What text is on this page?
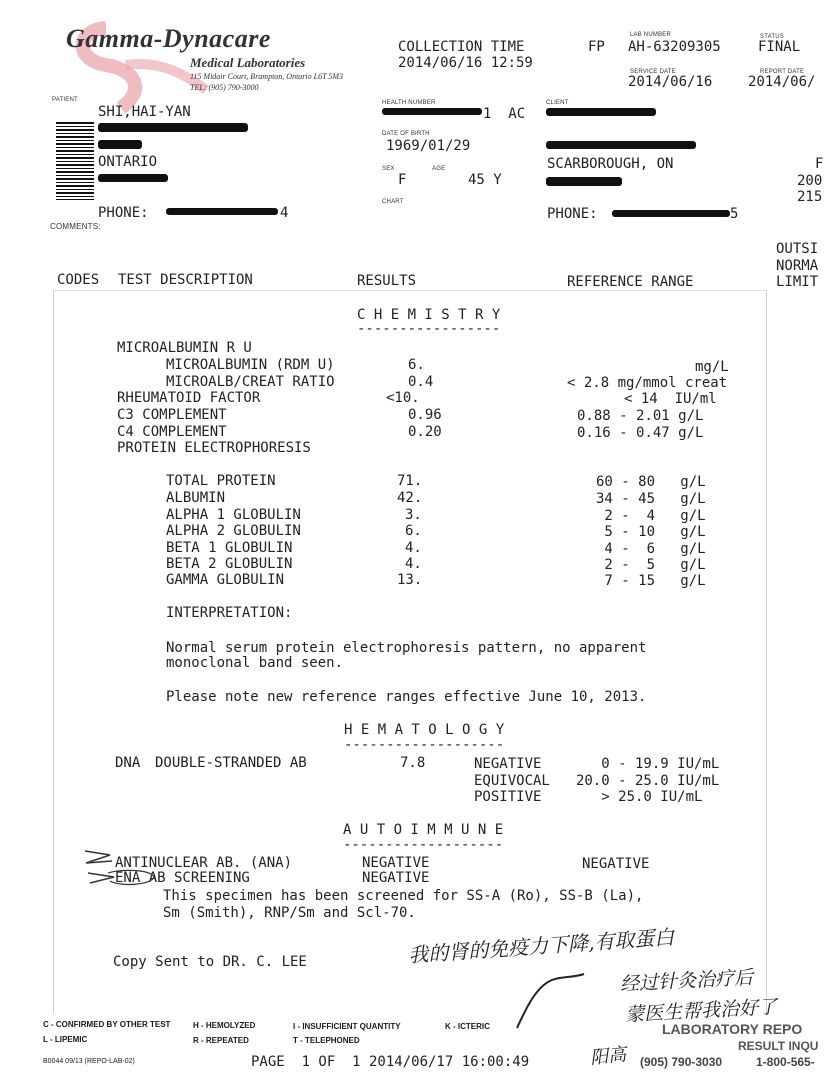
Gamma-Dynacare
Medical Laboratories
115 Midair Court, Brampton, Ontario L6T 5M3
TEL: (905) 790-3000
COLLECTION TIME
2014/06/16 12:59
FP
LAB NUMBER
AH-63209305
STATUS
FINAL
SERVICE DATE
2014/06/16
REPORT DATE
2014/06/
PATIENT
SHI,HAI-YAN
ONTARIO
PHONE:	4
HEALTH NUMBER
1  AC
DATE OF BIRTH
1969/01/29
SEX
F
AGE
45 Y
CHART
CLIENT
SCARBOROUGH, ON
PHONE:	5
F
200
215
COMMENTS:
CODES TEST DESCRIPTION	RESULTS	REFERENCE RANGE
OUTSI
NORMA
LIMIT
C H E M I S T R Y
-----------------
MICROALBUMIN R U
MICROALBUMIN (RDM U)	6.	mg/L
MICROALB/CREAT RATIO	0.4	< 2.8 mg/mmol creat
RHEUMATOID FACTOR	<10.	< 14  IU/ml
C3 COMPLEMENT	0.96	0.88 - 2.01 g/L
C4 COMPLEMENT	0.20	0.16 - 0.47 g/L
PROTEIN ELECTROPHORESIS
TOTAL PROTEIN	71.	60 - 80   g/L
ALBUMIN	42.	34 - 45   g/L
ALPHA 1 GLOBULIN	3.	2 -  4   g/L
ALPHA 2 GLOBULIN	6.	5 - 10   g/L
BETA 1 GLOBULIN	4.	4 -  6   g/L
BETA 2 GLOBULIN	4.	2 -  5   g/L
GAMMA GLOBULIN	13.	7 - 15   g/L
INTERPRETATION:
Normal serum protein electrophoresis pattern, no apparent
monoclonal band seen.
Please note new reference ranges effective June 10, 2013.
H E M A T O L O G Y
-------------------
DNA DOUBLE-STRANDED AB	7.8	NEGATIVE 0 - 19.9 IU/mL
EQUIVOCAL 20.0 - 25.0 IU/mL
POSITIVE > 25.0 IU/mL
A U T O I M M U N E
-------------------
ANTINUCLEAR AB. (ANA)	NEGATIVE	NEGATIVE
ENA AB SCREENING	NEGATIVE
This specimen has been screened for SS-A (Ro), SS-B (La),
Sm (Smith), RNP/Sm and Scl-70.
Copy Sent to DR. C. LEE	我的肾的免疫力下降,有取蛋白
经过针灸治疗后
蒙医生帮我治好了
阳高
C - CONFIRMED BY OTHER TEST	H - HEMOLYZED	I - INSUFFICIENT QUANTITY	K - ICTERIC
L - LIPEMIC	R - REPEATED	T - TELEPHONED
B0044 09/13 (REPO-LAB-02)	PAGE  1 OF  1 2014/06/17 16:00:49
LABORATORY REPO
RESULT INQU
(905) 790-3030	1-800-565-
